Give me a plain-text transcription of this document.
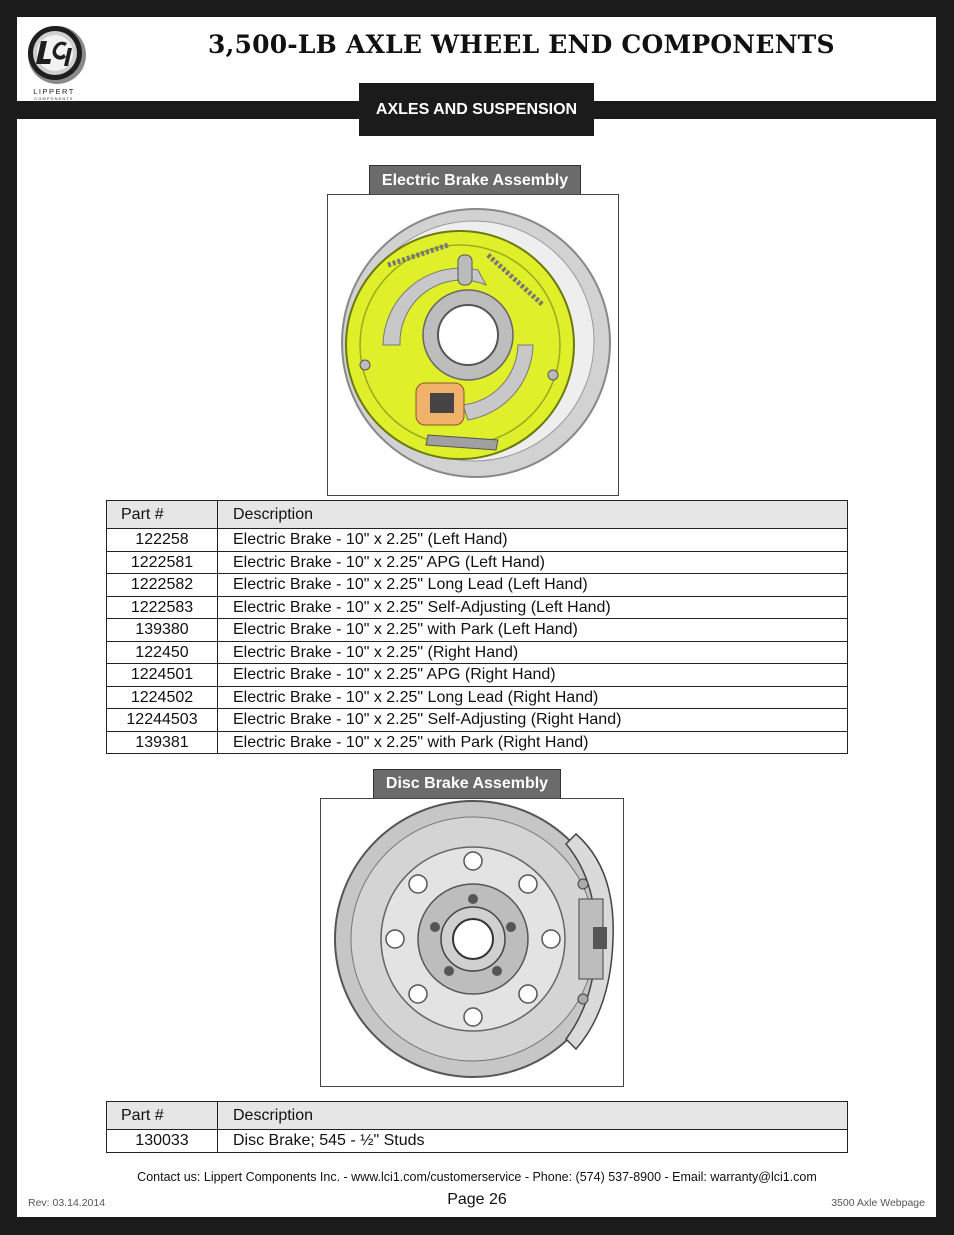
LIPPERT
COMPONENTS
3,500-LB AXLE WHEEL END COMPONENTS
AXLES AND SUSPENSION
Electric Brake Assembly
Part #	Description
122258	Electric Brake - 10" x 2.25" (Left Hand)
1222581	Electric Brake - 10" x 2.25" APG (Left Hand)
1222582	Electric Brake - 10" x 2.25" Long Lead (Left Hand)
1222583	Electric Brake - 10" x 2.25" Self-Adjusting (Left Hand)
139380	Electric Brake - 10" x 2.25" with Park (Left Hand)
122450	Electric Brake - 10" x 2.25" (Right Hand)
1224501	Electric Brake - 10" x 2.25" APG (Right Hand)
1224502	Electric Brake - 10" x 2.25" Long Lead (Right Hand)
12244503	Electric Brake - 10" x 2.25" Self-Adjusting (Right Hand)
139381	Electric Brake - 10" x 2.25" with Park (Right Hand)
Disc Brake Assembly
Part #	Description
130033	Disc Brake; 545 - ½" Studs
Contact us: Lippert Components Inc. - www.lci1.com/customerservice - Phone: (574) 537-8900 - Email: warranty@lci1.com
Rev: 03.14.2014	Page 26	3500 Axle Webpage
